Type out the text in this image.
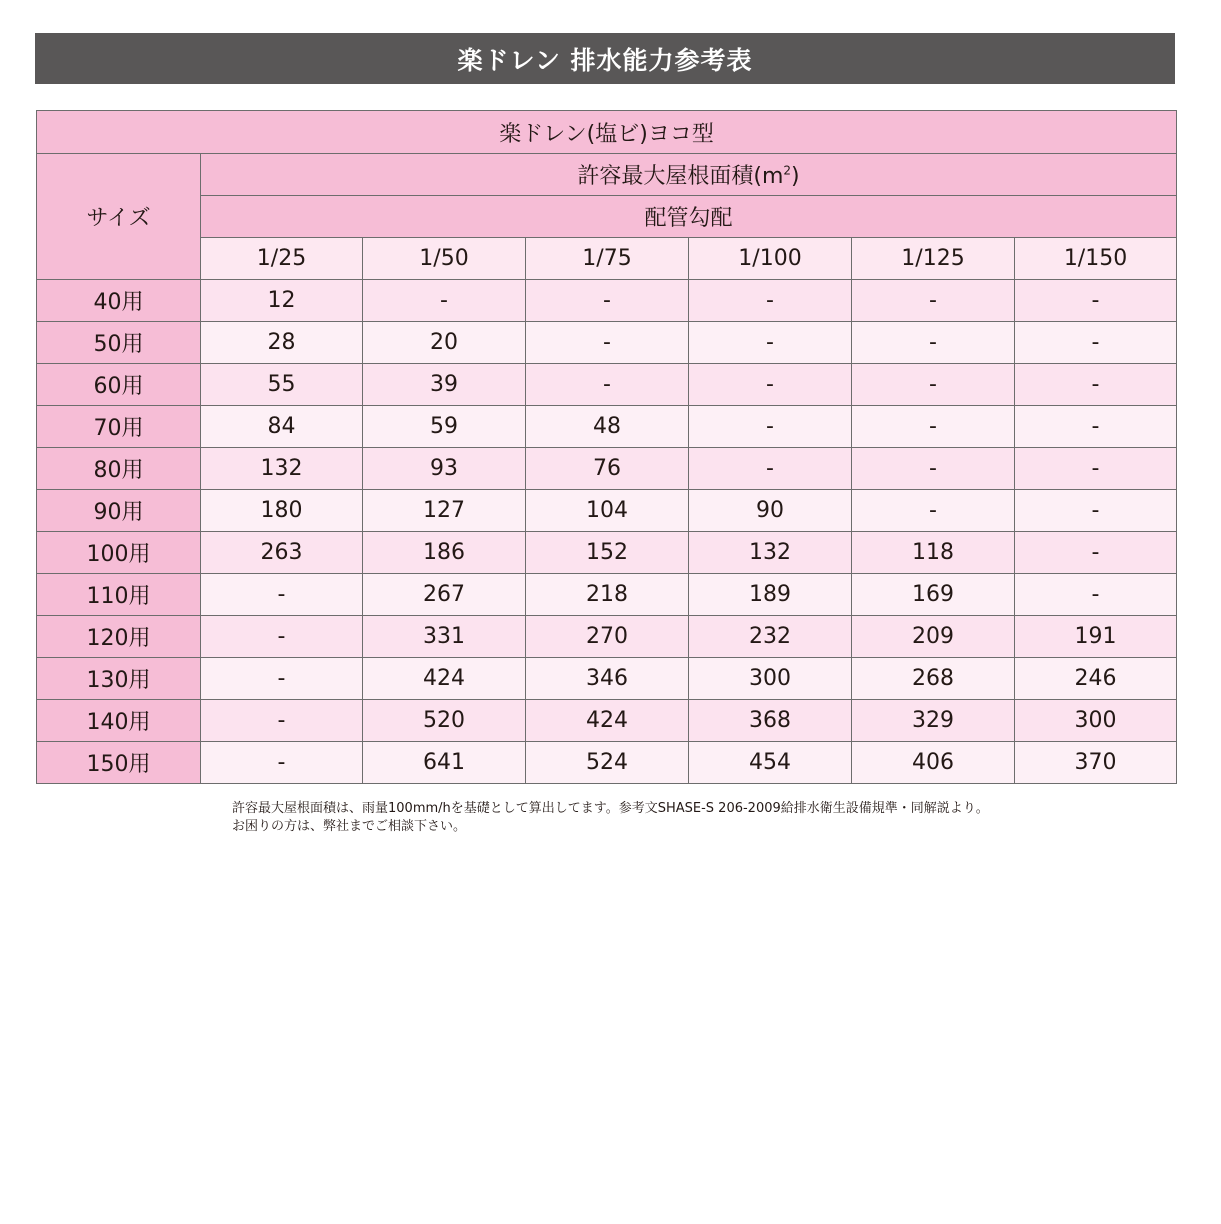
楽ドレン 排水能力参考表
楽ドレン(塩ビ)ヨコ型						
サイズ	許容最大屋根面積$(m^2)$					
	配管勾配					
	1/25	1/50	1/75	1/100	1/125	1/150
40用	12	-	-	-	-	-
50用	28	20	-	-	-	-
60用	55	39	-	-	-	-
70用	84	59	48	-	-	-
80用	132	93	76	-	-	-
90用	180	127	104	90	-	-
100用	263	186	152	132	118	-
110用	-	267	218	189	169	-
120用	-	331	270	232	209	191
130用	-	424	346	300	268	246
140用	-	520	424	368	329	300
150用	-	641	524	454	406	370
許容最大屋根面積は、雨量100mm/hを基礎として算出してます。参考文SHASE-S 206-2009給排水衛生設備規準・同解説より。
お困りの方は、弊社までご相談下さい。
